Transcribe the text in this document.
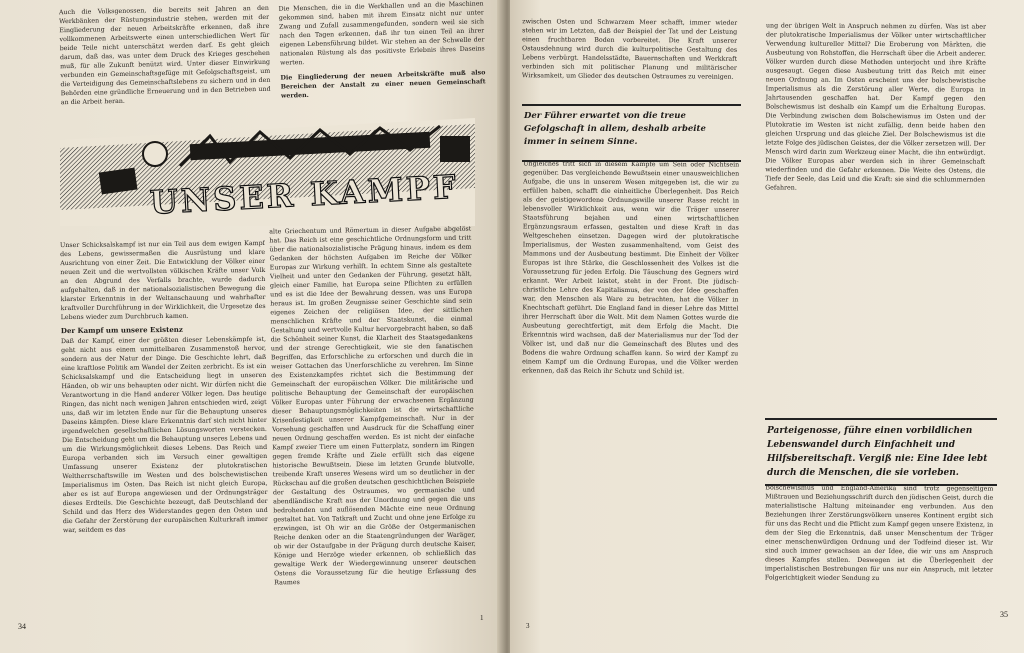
Auch die Volksgenossen, die bereits seit Jahren an den Werkbänken der Rüstungsindustrie stehen, werden mit der Eingliederung der neuen Arbeitskräfte erkennen, daß ihre vollkommenen Arbeitswerte einen unterschiedlichen Wert für beide Teile nicht unterschätzt werden darf. Es geht gleich darum, daß das, was unter dem Druck des Krieges geschehen muß, für alle Zukunft benützt wird. Unter dieser Einwirkung verbunden ein Gemeinschaftsgefüge mit Gefolgschaftsgeist, um die Verteidigung des Gemeinschaftslebens zu sichern und in den Behörden eine gründliche Erneuerung und in den Betrieben und an die Arbeit heran.

Die Menschen, die in die Werkhallen und an die Maschinen gekommen sind, haben mit ihrem Einsatz nicht nur unter Zwang und Zufall zusammengefunden, sondern weil sie sich nach den Tagen erkennen, daß ihr tun einen Teil an ihrer eigenen Lebensführung bildet. Wir stehen an der Schwelle der nationalen Rüstung als das positivste Erlebnis ihres Daseins werten.

Die Eingliederung der neuen Arbeitskräfte muß also Bereichen der Anstalt zu einer neuen Gemeinschaft werden.

UNSER KAMPF

Unser Schicksalskampf ist nur ein Teil aus dem ewigen Kampf des Lebens, gewissermaßen die Ausrüstung und klare Ausrichtung von einer Zeit. Die Entwicklung der Völker einer neuen Zeit und die wertvollsten völkischen Kräfte unser Volk an den Abgrund des Verfalls brachte, wurde dadurch aufgehalten, daß in der nationalsozialistischen Bewegung die klarster Erkenntnis in der Weltanschauung und wahrhafter kraftvoller Durchführung in der Wirklichkeit, die Urgesetze des Lebens wieder zum Durchbruch kamen.

Der Kampf um unsere Existenz

Daß der Kampf, einer der größten dieser Lebenskämpfe ist, geht nicht aus einem unmittelbaren Zusammenstoß hervor, sondern aus der Natur der Dinge. Die Geschichte lehrt, daß eine kraftlose Politik am Wandel der Zeiten zerbricht. Es ist ein Schicksalskampf und die Entscheidung liegt in unseren Händen, ob wir uns behaupten oder nicht. Wir dürfen nicht die Verantwortung in die Hand anderer Völker legen. Das heutige Ringen, das nicht nach wenigen Jahren entschieden wird, zeigt uns, daß wir im letzten Ende nur für die Behauptung unseres Daseins kämpfen. Diese klare Erkenntnis darf sich nicht hinter irgendwelchen gesellschaftlichen Lösungsworten verstecken. Die Entscheidung geht um die Behauptung unseres Lebens und um die Wirkungsmöglichkeit dieses Lebens. Das Reich und Europa verbanden sich im Versuch einer gewaltigen Umfassung unserer Existenz der plutokratischen Weltherrschaftswille im Westen und des bolschewistischen Imperialismus im Osten. Das Reich ist nicht gleich Europa, aber es ist auf Europa angewiesen und der Ordnungsträger dieses Erdteils. Die Geschichte bezeugt, daß Deutschland der Schild und das Herz des Widerstandes gegen den Osten und die Gefahr der Zerstörung der europäischen Kulturkraft immer war, seitdem es das

alte Griechentum und Römertum in dieser Aufgabe abgelöst hat. Das Reich ist eine geschichtliche Ordnungsform und tritt über die nationalsozialistische Prägung hinaus, indem es dem Gedanken der höchsten Aufgaben im Reiche der Völker Europas zur Wirkung verhilft. In echtem Sinne als gestaltete Vielheit und unter den Gedanken der Führung, gesetzt hält, gleich einer Familie, hat Europa seine Pflichten zu erfüllen und es ist die Idee der Bewahrung dessen, was uns Europa heraus ist. Im großen Zeugnisse seiner Geschichte sind sein eigenes Zeichen der religiösen Idee, der sittlichen menschlichen Kräfte und der Staatskunst, die einmal Gestaltung und wertvolle Kultur hervorgebracht haben, so daß die Schönheit seiner Kunst, die Klarheit des Staatsgedankens und der strenge Gerechtigkeit, wie sie den fanatischen Begriffen, das Erforschliche zu erforschen und durch die in weiser Gottachen das Unerforschliche zu verehren. Im Sinne des Existenzkampfes richtet sich die Bestimmung der Gemeinschaft der europäischen Völker. Die militärische und politische Behauptung der Gemeinschaft der europäischen Völker Europas unter Führung der erwachsenen Ergänzung dieser Behauptungsmöglichkeiten ist die wirtschaftliche Krisenfestigkeit unserer Kampfgemeinschaft. Nur in der Vorsehung geschaffen und Ausdruck für die Schaffung einer neuen Ordnung geschaffen werden. Es ist nicht der einfache Kampf zweier Tiere um einen Futterplatz, sondern im Ringen gegen fremde Kräfte und Ziele erfüllt sich das eigene historische Bewußtsein. Diese im letzten Grunde blutvolle, treibende Kraft unseres Wesens wird um so deutlicher in der Rückschau auf die großen deutschen geschichtlichen Beispiele der Gestaltung des Ostraumes, wo germanische und abendländische Kraft aus der Unordnung und gegen die uns bedrohenden und auflösenden Mächte eine neue Ordnung gestaltet hat. Von Tatkraft und Zucht und ohne jene Erfolge zu erzwingen, ist Oh wir an die Größe der Ostgermanischen Reiche denken oder an die Staatengründungen der Waräger, ob wir der Ostaufgabe in der Prägung durch deutsche Kaiser, Könige und Herzöge wieder erkennen, ob schließlich das gewaltige Werk der Wiedergewinnung unserer deutschen Ostens die Voraussetzung für die heutige Erfassung des Raumes

34
1

zwischen Osten und Schwarzem Meer schafft, immer wieder stehen wir im Letzten, daß der Beispiel der Tat und der Leistung einen fruchtbaren Boden vorbereitet. Die Kraft unserer Ostausdehnung wird durch die kulturpolitische Gestaltung des Lebens verbürgt. Handelsstädte, Bauernschaften und Werkkraft verbinden sich mit politischer Planung und militärischer Wirksamkeit, um Glieder des deutschen Ostraumes zu vereinigen.

Der Führer erwartet von die treue Gefolgschaft in allem, deshalb arbeite immer in seinem Sinne.

Ungleiches tritt sich in diesem Kampfe um Sein oder Nichtsein gegenüber. Das vergleichende Bewußtsein einer unausweichlichen Aufgabe, die uns in unserem Wesen mitgegeben ist, die wir zu erfüllen haben, schafft die einheitliche Überlegenheit. Das Reich als der geistigewordene Ordnungswille unserer Rasse reicht in lebensvoller Wirklichkeit aus, wenn wir die Träger unserer Staatsführung bejahen und einen wirtschaftlichen Ergänzungsraum erfassen, gestalten und diese Kraft in das Weltgeschehen einsetzen. Dagegen wird der plutokratische Imperialismus, der Westen zusammenhaltend, vom Geist des Mammons und der Ausbeutung bestimmt. Die Einheit der Völker Europas ist ihre Stärke, die Geschlossenheit des Volkes ist die Voraussetzung für jeden Erfolg. Die Täuschung des Gegners wird erkannt. Wer Arbeit leistet, steht in der Front. Die jüdisch-christliche Lehre des Kapitalismus, der von der Idee geschaffen war, den Menschen als Ware zu betrachten, hat die Völker in Knechtschaft geführt. Die England fand in dieser Lehre das Mittel ihrer Herrschaft über die Welt. Mit dem Namen Gottes wurde die Ausbeutung gerechtfertigt, mit dem Erfolg die Macht. Die Erkenntnis wird wachsen, daß der Materialismus nur der Tod der Völker ist, und daß nur die Gemeinschaft des Blutes und des Bodens die wahre Ordnung schaffen kann. So wird der Kampf zu einem Kampf um die Ordnung Europas, und die Völker werden erkennen, daß das Reich ihr Schutz und Schild ist.

ung der übrigen Welt in Anspruch nehmen zu dürfen. Was ist aber der plutokratische Imperialismus der Völker unter wirtschaftlicher Verwendung kultureller Mittel? Die Eroberung von Märkten, die Ausbeutung von Rohstoffen, die Herrschaft über die Arbeit anderer. Völker wurden durch diese Methoden unterjocht und ihre Kräfte ausgesaugt. Gegen diese Ausbeutung tritt das Reich mit einer neuen Ordnung an. Im Osten erscheint uns der bolschewistische Imperialismus als die Zerstörung aller Werte, die Europa in Jahrtausenden geschaffen hat. Der Kampf gegen den Bolschewismus ist deshalb ein Kampf um die Erhaltung Europas. Die Verbindung zwischen dem Bolschewismus im Osten und der Plutokratie im Westen ist nicht zufällig, denn beide haben den gleichen Ursprung und das gleiche Ziel. Der Bolschewismus ist die letzte Folge des jüdischen Geistes, der die Völker zersetzen will. Der Mensch wird darin zum Werkzeug einer Macht, die ihn entwürdigt. Die Völker Europas aber werden sich in ihrer Gemeinschaft wiederfinden und die Gefahr erkennen. Die Weite des Ostens, die Tiefe der Seele, das Leid und die Kraft: sie sind die schlummernden Gefahren.

Parteigenosse, führe einen vorbildlichen Lebenswandel durch Einfachheit und Hilfsbereitschaft. Vergiß nie: Eine Idee lebt durch die Menschen, die sie vorleben.

Bolschewismus und England-Amerika sind trotz gegenseitigem Mißtrauen und Beziehungsschrift durch den jüdischen Geist, durch die materialistische Haltung miteinander eng verbunden. Aus den Beziehungen ihrer Zerstörungsvölkern unseres Kontinent ergibt sich für uns das Recht und die Pflicht zum Kampf gegen unsere Existenz, in dem der Sieg die Erkenntnis, daß unser Menschentum der Träger einer menschenwürdigen Ordnung und der Todfeind dieser ist. Wir sind auch immer gewachsen an der Idee, die wir uns am Anspruch dieses Kampfes stellen. Deswegen ist die Überlegenheit der imperialistischen Bestrebungen für uns nur ein Anspruch, mit letzter Folgerichtigkeit wieder Sendung zu

3
35
